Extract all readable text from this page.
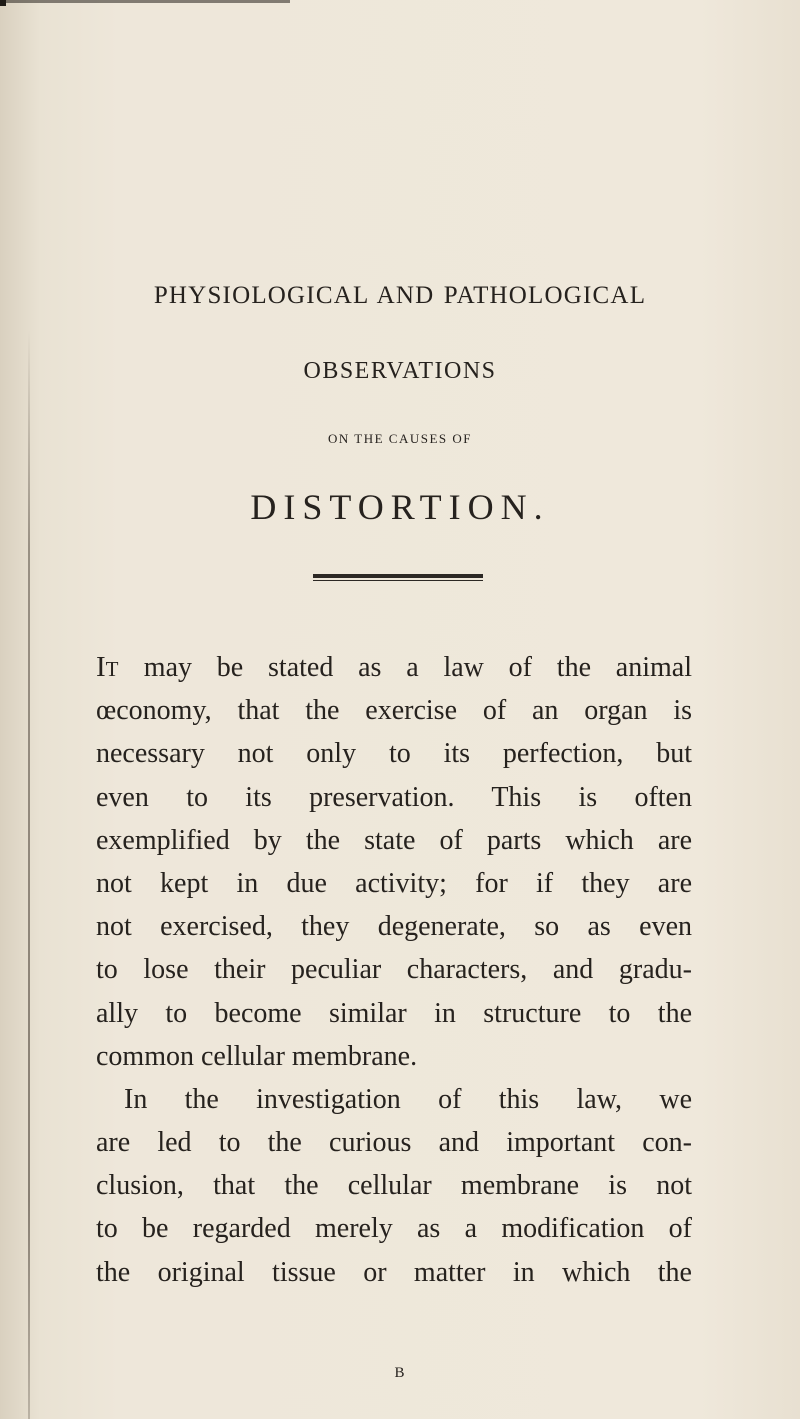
PHYSIOLOGICAL AND PATHOLOGICAL
OBSERVATIONS
ON THE CAUSES OF
DISTORTION.
IT may be stated as a law of the animal
œconomy, that the exercise of an organ is
necessary not only to its perfection, but
even to its preservation. This is often
exemplified by the state of parts which are
not kept in due activity; for if they are
not exercised, they degenerate, so as even
to lose their peculiar characters, and gradu-
ally to become similar in structure to the
common cellular membrane.
In the investigation of this law, we
are led to the curious and important con-
clusion, that the cellular membrane is not
to be regarded merely as a modification of
the original tissue or matter in which the
B
